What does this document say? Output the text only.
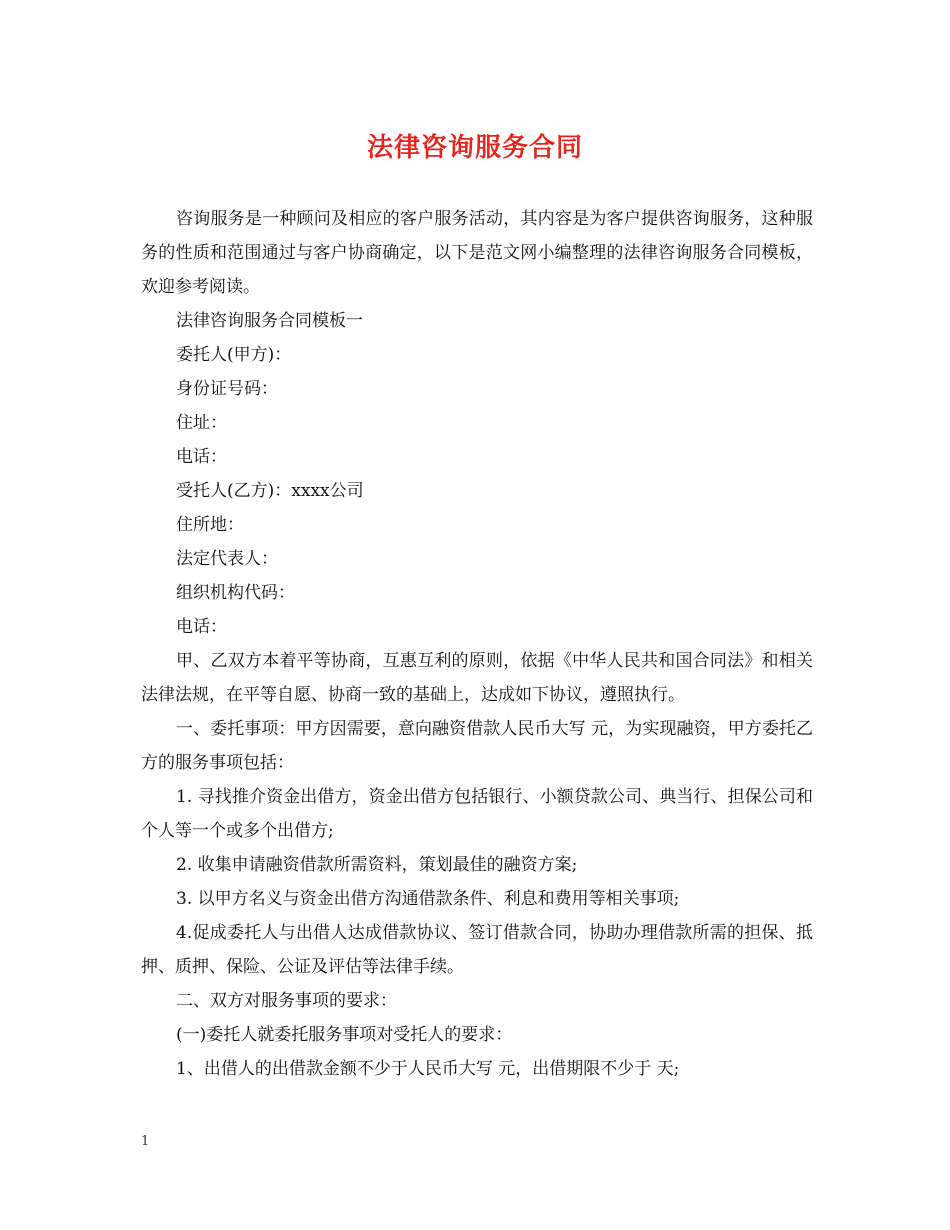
法律咨询服务合同

咨询服务是一种顾问及相应的客户服务活动，其内容是为客户提供咨询服务，这种服务的性质和范围通过与客户协商确定，以下是范文网小编整理的法律咨询服务合同模板，欢迎参考阅读。

法律咨询服务合同模板一

委托人(甲方)：

身份证号码：

住址：

电话：

受托人(乙方)：xxxx公司

住所地：

法定代表人：

组织机构代码：

电话：

甲、乙双方本着平等协商，互惠互利的原则，依据《中华人民共和国合同法》和相关法律法规，在平等自愿、协商一致的基础上，达成如下协议，遵照执行。

一、委托事项：甲方因需要，意向融资借款人民币大写 元，为实现融资，甲方委托乙方的服务事项包括：

1. 寻找推介资金出借方，资金出借方包括银行、小额贷款公司、典当行、担保公司和个人等一个或多个出借方;

2. 收集申请融资借款所需资料，策划最佳的融资方案;

3. 以甲方名义与资金出借方沟通借款条件、利息和费用等相关事项;

4.促成委托人与出借人达成借款协议、签订借款合同，协助办理借款所需的担保、抵押、质押、保险、公证及评估等法律手续。

二、双方对服务事项的要求：

(一)委托人就委托服务事项对受托人的要求：

1、出借人的出借款金额不少于人民币大写 元，出借期限不少于 天;

1
